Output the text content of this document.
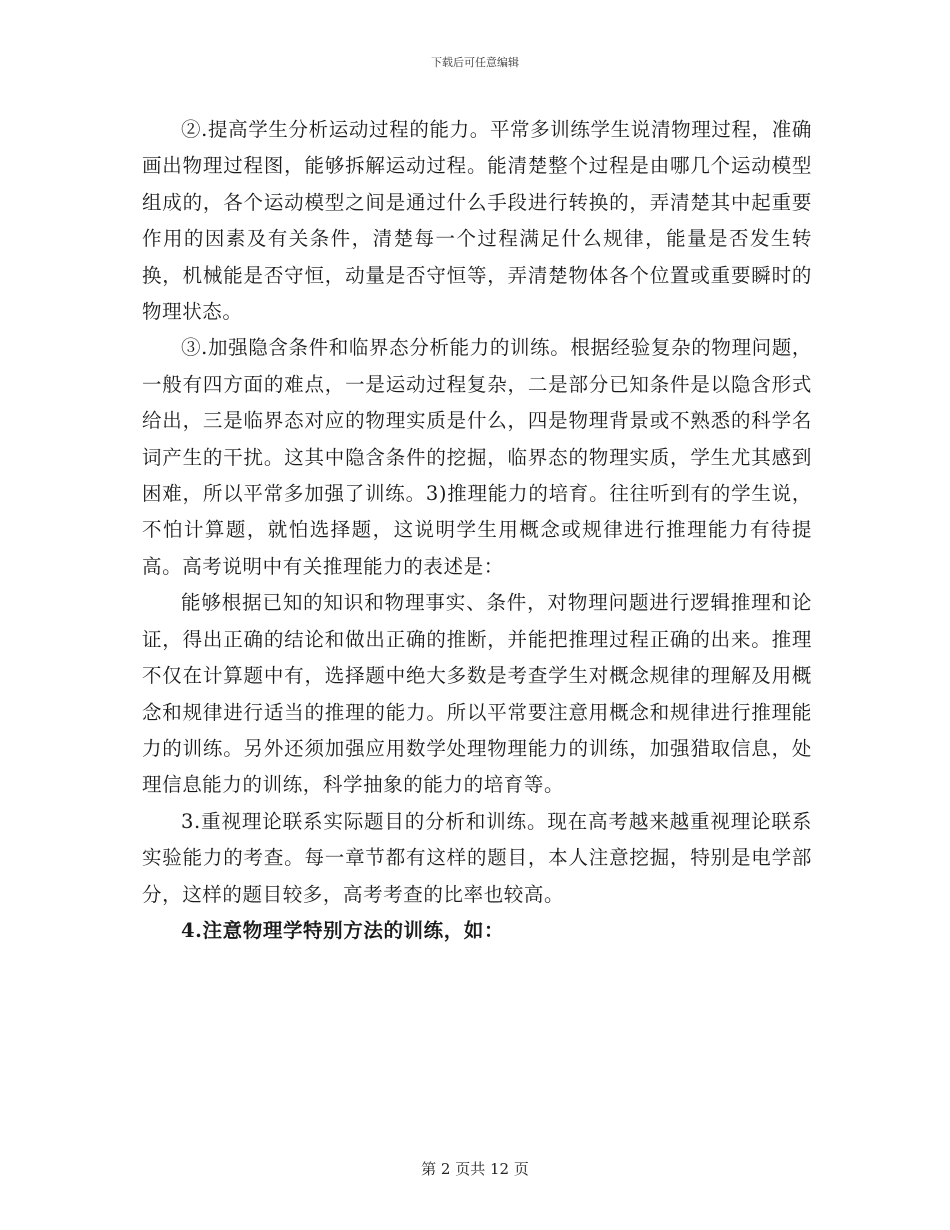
下载后可任意编辑

②.提高学生分析运动过程的能力。平常多训练学生说清物理过程，准确画出物理过程图，能够拆解运动过程。能清楚整个过程是由哪几个运动模型组成的，各个运动模型之间是通过什么手段进行转换的，弄清楚其中起重要作用的因素及有关条件，清楚每一个过程满足什么规律，能量是否发生转换，机械能是否守恒，动量是否守恒等，弄清楚物体各个位置或重要瞬时的物理状态。

③.加强隐含条件和临界态分析能力的训练。根据经验复杂的物理问题，一般有四方面的难点，一是运动过程复杂，二是部分已知条件是以隐含形式给出，三是临界态对应的物理实质是什么，四是物理背景或不熟悉的科学名词产生的干扰。这其中隐含条件的挖掘，临界态的物理实质，学生尤其感到困难，所以平常多加强了训练。3)推理能力的培育。往往听到有的学生说，不怕计算题，就怕选择题，这说明学生用概念或规律进行推理能力有待提高。高考说明中有关推理能力的表述是：

能够根据已知的知识和物理事实、条件，对物理问题进行逻辑推理和论证，得出正确的结论和做出正确的推断，并能把推理过程正确的出来。推理不仅在计算题中有，选择题中绝大多数是考查学生对概念规律的理解及用概念和规律进行适当的推理的能力。所以平常要注意用概念和规律进行推理能力的训练。另外还须加强应用数学处理物理能力的训练，加强猎取信息，处理信息能力的训练，科学抽象的能力的培育等。

3.重视理论联系实际题目的分析和训练。现在高考越来越重视理论联系实验能力的考查。每一章节都有这样的题目，本人注意挖掘，特别是电学部分，这样的题目较多，高考考查的比率也较高。

4.注意物理学特别方法的训练，如：

第 2 页共 12 页
